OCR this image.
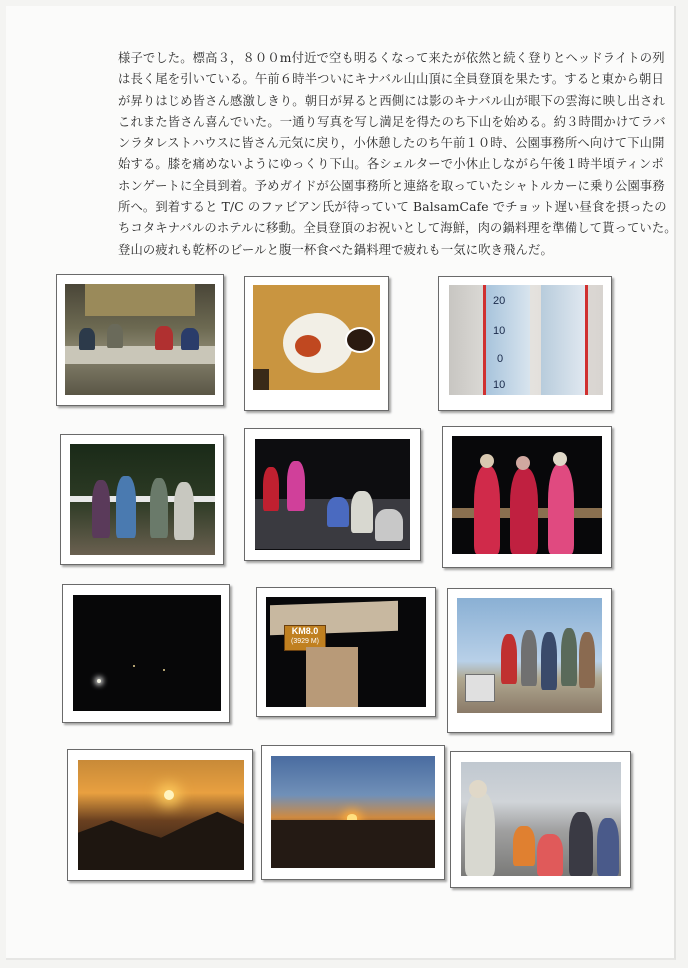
様子でした。標高３，８００m付近で空も明るくなって来たが依然と続く登りとヘッドライトの列
は長く尾を引いている。午前６時半ついにキナバル山山頂に全員登頂を果たす。すると東から朝日
が昇りはじめ皆さん感激しきり。朝日が昇ると西側には影のキナバル山が眼下の雲海に映し出され
これまた皆さん喜んでいた。一通り写真を写し満足を得たのち下山を始める。約３時間かけてラバ
ンラタレストハウスに皆さん元気に戻り，小休憩したのち午前１０時、公園事務所へ向けて下山開
始する。膝を痛めないようにゆっくり下山。各シェルターで小休止しながら午後１時半頃ティンポ
ホンゲートに全員到着。予めガイドが公園事務所と連絡を取っていたシャトルカーに乗り公園事務
所へ。到着すると T/C のファビアン氏が待っていて BalsamCafe でチョット遅い昼食を摂ったの
ちコタキナバルのホテルに移動。全員登頂のお祝いとして海鮮，肉の鍋料理を準備して貰っていた。
登山の疲れも乾杯のビールと腹一杯食べた鍋料理で疲れも一気に吹き飛んだ。
20
10
0
10
KM8.0
(3929 M)
